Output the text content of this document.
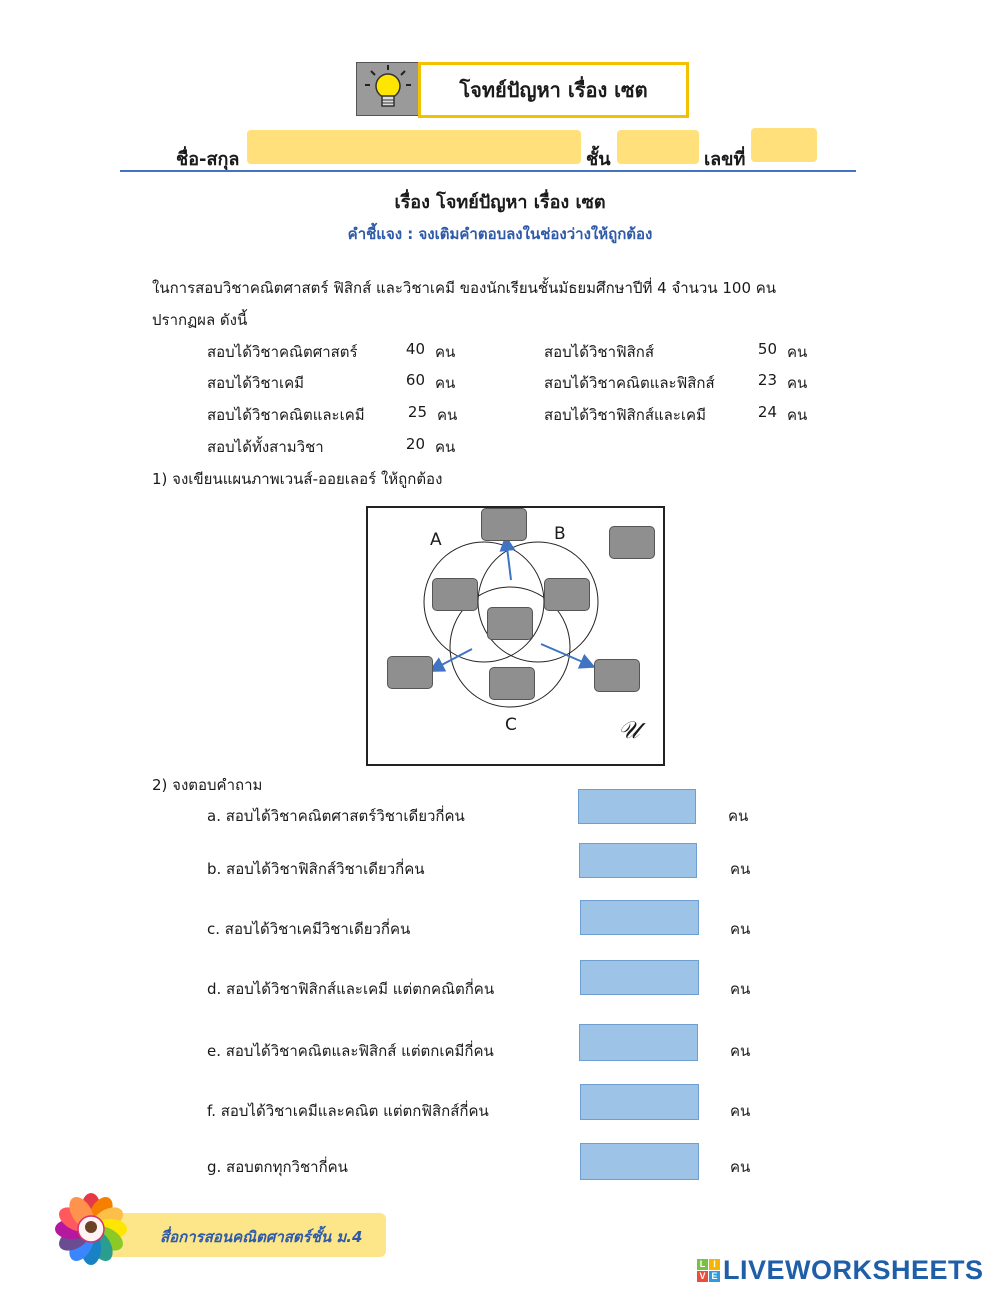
โจทย์ปัญหา เรื่อง เซต
ชื่อ-สกุล	ชั้น	เลขที่
เรื่อง โจทย์ปัญหา เรื่อง เซต
คำชี้แจง : จงเติมคำตอบลงในช่องว่างให้ถูกต้อง
ในการสอบวิชาคณิตศาสตร์ ฟิสิกส์ และวิชาเคมี ของนักเรียนชั้นมัธยมศึกษาปีที่ 4 จำนวน 100 คน
ปรากฏผล ดังนี้
สอบได้วิชาคณิตศาสตร์	40 คน	สอบได้วิชาฟิสิกส์	50 คน
สอบได้วิชาเคมี	60 คน	สอบได้วิชาคณิตและฟิสิกส์	23 คน
สอบได้วิชาคณิตและเคมี	25 คน	สอบได้วิชาฟิสิกส์และเคมี	24 คน
สอบได้ทั้งสามวิชา	20 คน
1) จงเขียนแผนภาพเวนส์-ออยเลอร์ ให้ถูกต้อง
A	B
C	𝒰
2) จงตอบคำถาม
a. สอบได้วิชาคณิตศาสตร์วิชาเดียวกี่คน	คน
b. สอบได้วิชาฟิสิกส์วิชาเดียวกี่คน	คน
c. สอบได้วิชาเคมีวิชาเดียวกี่คน	คน
d. สอบได้วิชาฟิสิกส์และเคมี แต่ตกคณิตกี่คน	คน
e. สอบได้วิชาคณิตและฟิสิกส์ แต่ตกเคมีกี่คน	คน
f. สอบได้วิชาเคมีและคณิต แต่ตกฟิสิกส์กี่คน	คน
g. สอบตกทุกวิชากี่คน	คน
สื่อการสอนคณิตศาสตร์ชั้น ม.4
L I
V E LIVEWORKSHEETS
